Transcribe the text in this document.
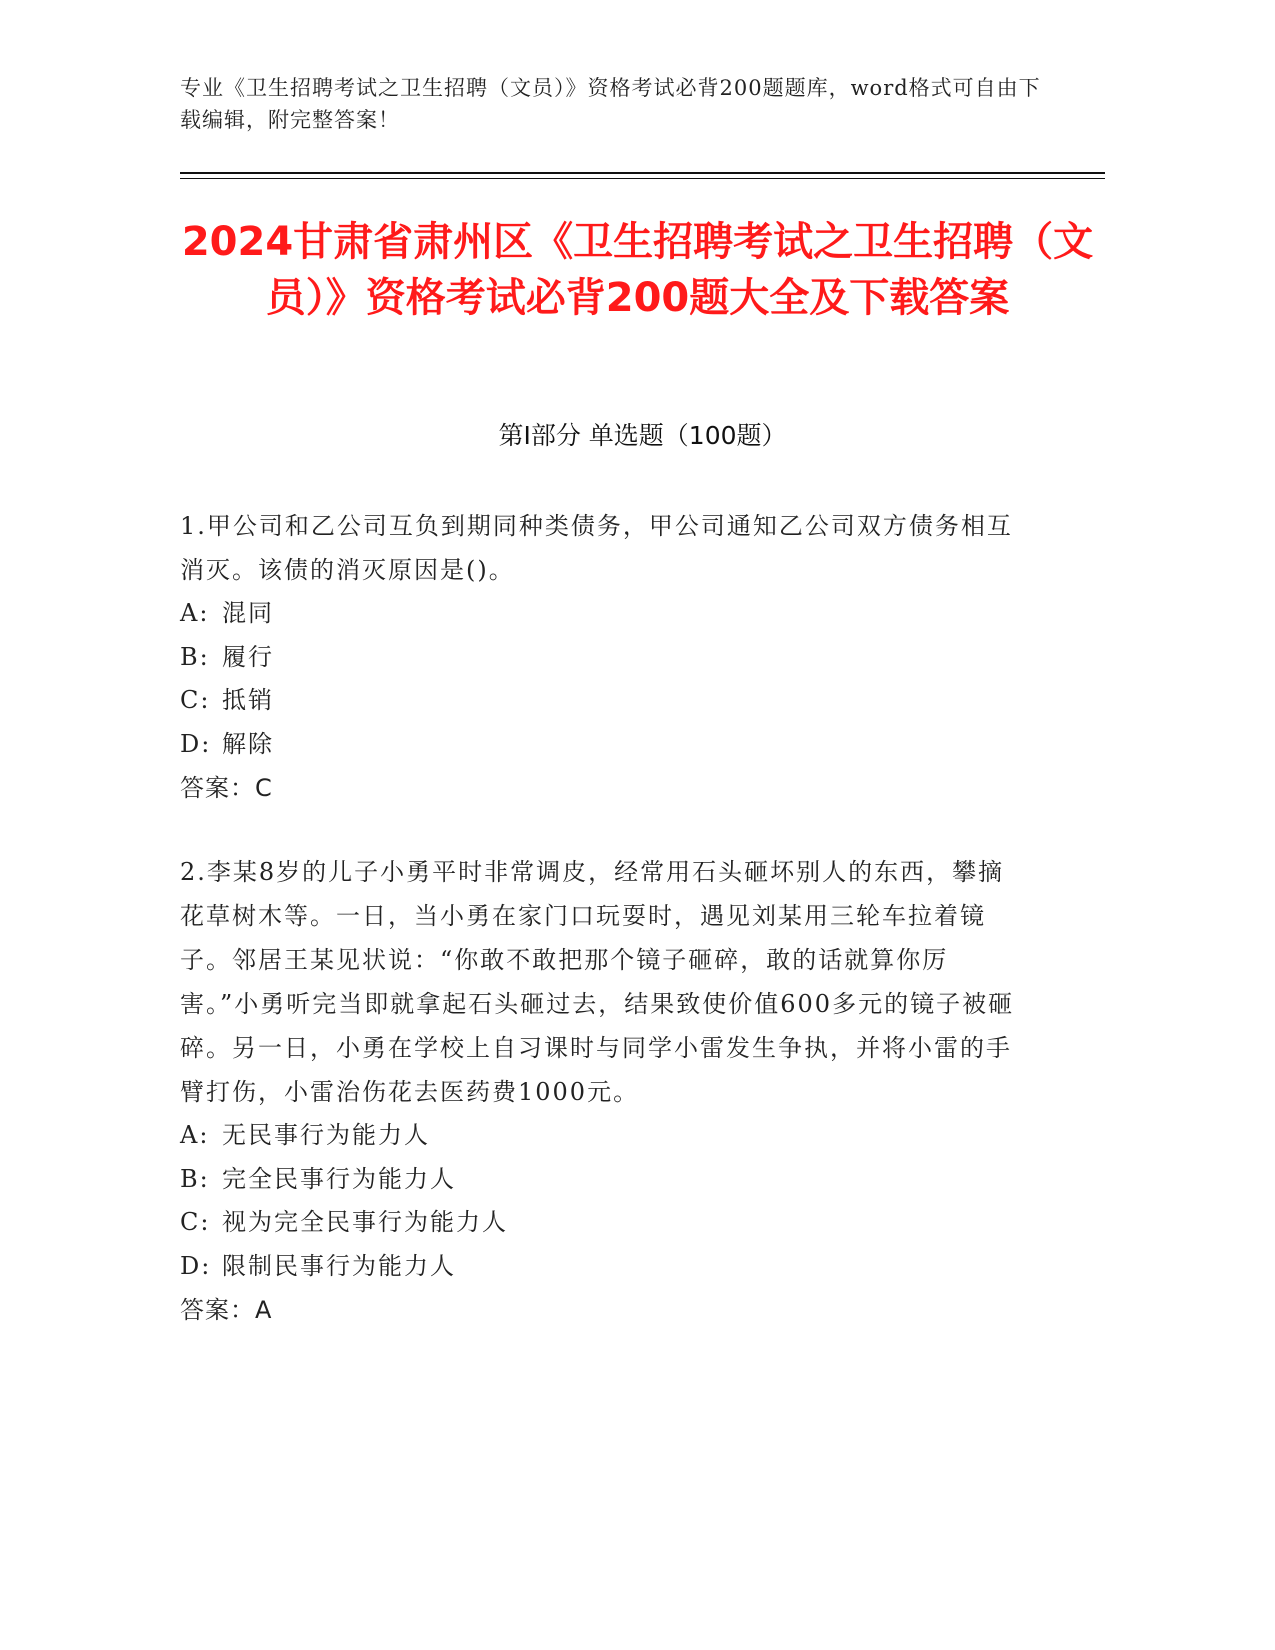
专业《卫生招聘考试之卫生招聘（文员）》资格考试必背200题题库，word格式可自由下载编辑，附完整答案！
2024甘肃省肃州区《卫生招聘考试之卫生招聘（文员）》资格考试必背200题大全及下载答案
第I部分 单选题（100题）
1.甲公司和乙公司互负到期同种类债务，甲公司通知乙公司双方债务相互消灭。该债的消灭原因是()。
A: 混同
B: 履行
C: 抵销
D: 解除
答案：C
2.李某8岁的儿子小勇平时非常调皮，经常用石头砸坏别人的东西，攀摘花草树木等。一日，当小勇在家门口玩耍时，遇见刘某用三轮车拉着镜子。邻居王某见状说：“你敢不敢把那个镜子砸碎，敢的话就算你厉害。”小勇听完当即就拿起石头砸过去，结果致使价值600多元的镜子被砸碎。另一日，小勇在学校上自习课时与同学小雷发生争执，并将小雷的手臂打伤，小雷治伤花去医药费1000元。
A: 无民事行为能力人
B: 完全民事行为能力人
C: 视为完全民事行为能力人
D: 限制民事行为能力人
答案：A
